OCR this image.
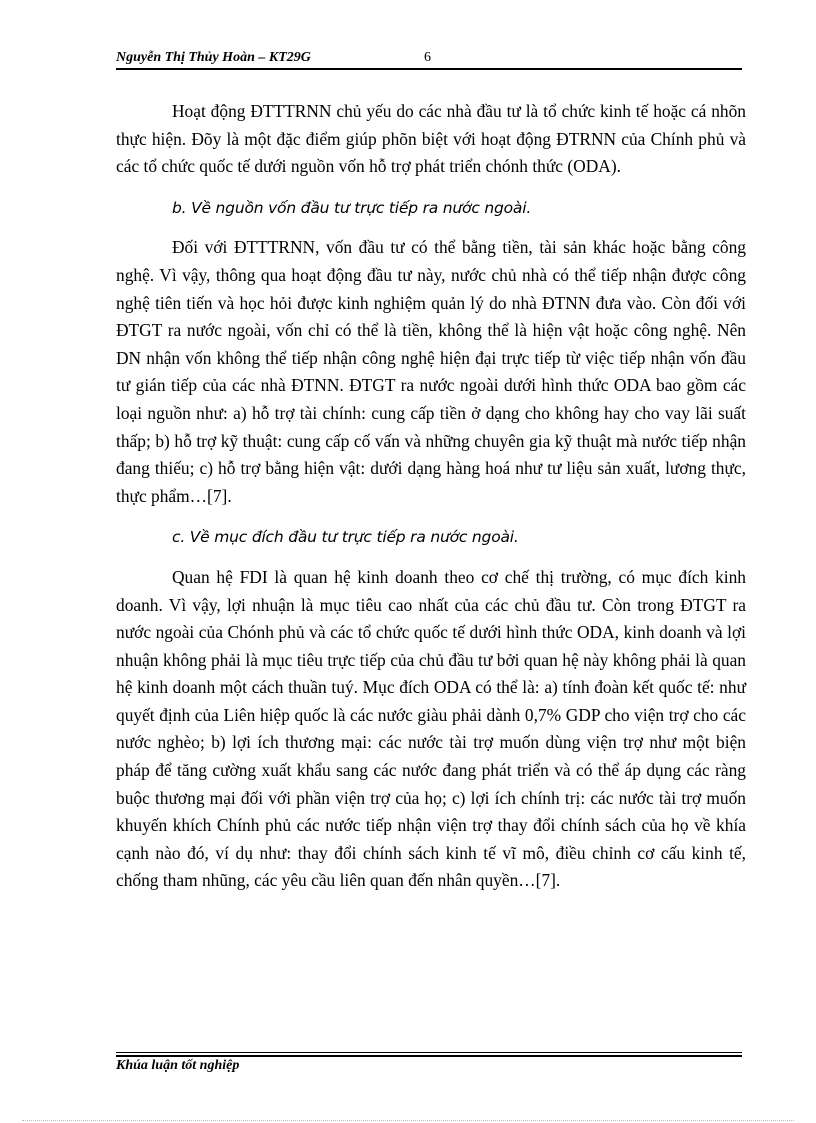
Nguyễn Thị Thủy Hoàn – KT29G	6

Hoạt động ĐTTTRNN chủ yếu do các nhà đầu tư là tổ chức kinh tế hoặc cá nhõn thực hiện. Đõy là một đặc điểm giúp phõn biệt với hoạt động ĐTRNN của Chính phủ và các tổ chức quốc tế dưới nguồn vốn hỗ trợ phát triển chónh thức (ODA).

b. Về nguồn vốn đầu tư trực tiếp ra nước ngoài.

Đối với ĐTTTRNN, vốn đầu tư có thể bằng tiền, tài sản khác hoặc bằng công nghệ. Vì vậy, thông qua hoạt động đầu tư này, nước chủ nhà có thể tiếp nhận được công nghệ tiên tiến và học hỏi được kinh nghiệm quản lý do nhà ĐTNN đưa vào. Còn đối với ĐTGT ra nước ngoài, vốn chỉ có thể là tiền, không thể là hiện vật hoặc công nghệ. Nên DN nhận vốn không thể tiếp nhận công nghệ hiện đại trực tiếp từ việc tiếp nhận vốn đầu tư gián tiếp của các nhà ĐTNN. ĐTGT ra nước ngoài dưới hình thức ODA bao gồm các loại nguồn như: a) hỗ trợ tài chính: cung cấp tiền ở dạng cho không hay cho vay lãi suất thấp; b) hỗ trợ kỹ thuật: cung cấp cố vấn và những chuyên gia kỹ thuật mà nước tiếp nhận đang thiếu; c) hỗ trợ bằng hiện vật: dưới dạng hàng hoá như tư liệu sản xuất, lương thực, thực phẩm…[7].

c. Về mục đích đầu tư trực tiếp ra nước ngoài.

Quan hệ FDI là quan hệ kinh doanh theo cơ chế thị trường, có mục đích kinh doanh. Vì vậy, lợi nhuận là mục tiêu cao nhất của các chủ đầu tư. Còn trong ĐTGT ra nước ngoài của Chónh phủ và các tổ chức quốc tế dưới hình thức ODA, kinh doanh và lợi nhuận không phải là mục tiêu trực tiếp của chủ đầu tư bởi quan hệ này không phải là quan hệ kinh doanh một cách thuần tuý. Mục đích ODA có thể là: a) tính đoàn kết quốc tế: như quyết định của Liên hiệp quốc là các nước giàu phải dành 0,7% GDP cho viện trợ cho các nước nghèo; b) lợi ích thương mại: các nước tài trợ muốn dùng viện trợ như một biện pháp để tăng cường xuất khẩu sang các nước đang phát triển và có thể áp dụng các ràng buộc thương mại đối với phần viện trợ của họ; c) lợi ích chính trị: các nước tài trợ muốn khuyến khích Chính phủ các nước tiếp nhận viện trợ thay đổi chính sách của họ về khía cạnh nào đó, ví dụ như: thay đổi chính sách kinh tế vĩ mô, điều chỉnh cơ cấu kinh tế, chống tham nhũng, các yêu cầu liên quan đến nhân quyền…[7].

Khúa luận tốt nghiệp
